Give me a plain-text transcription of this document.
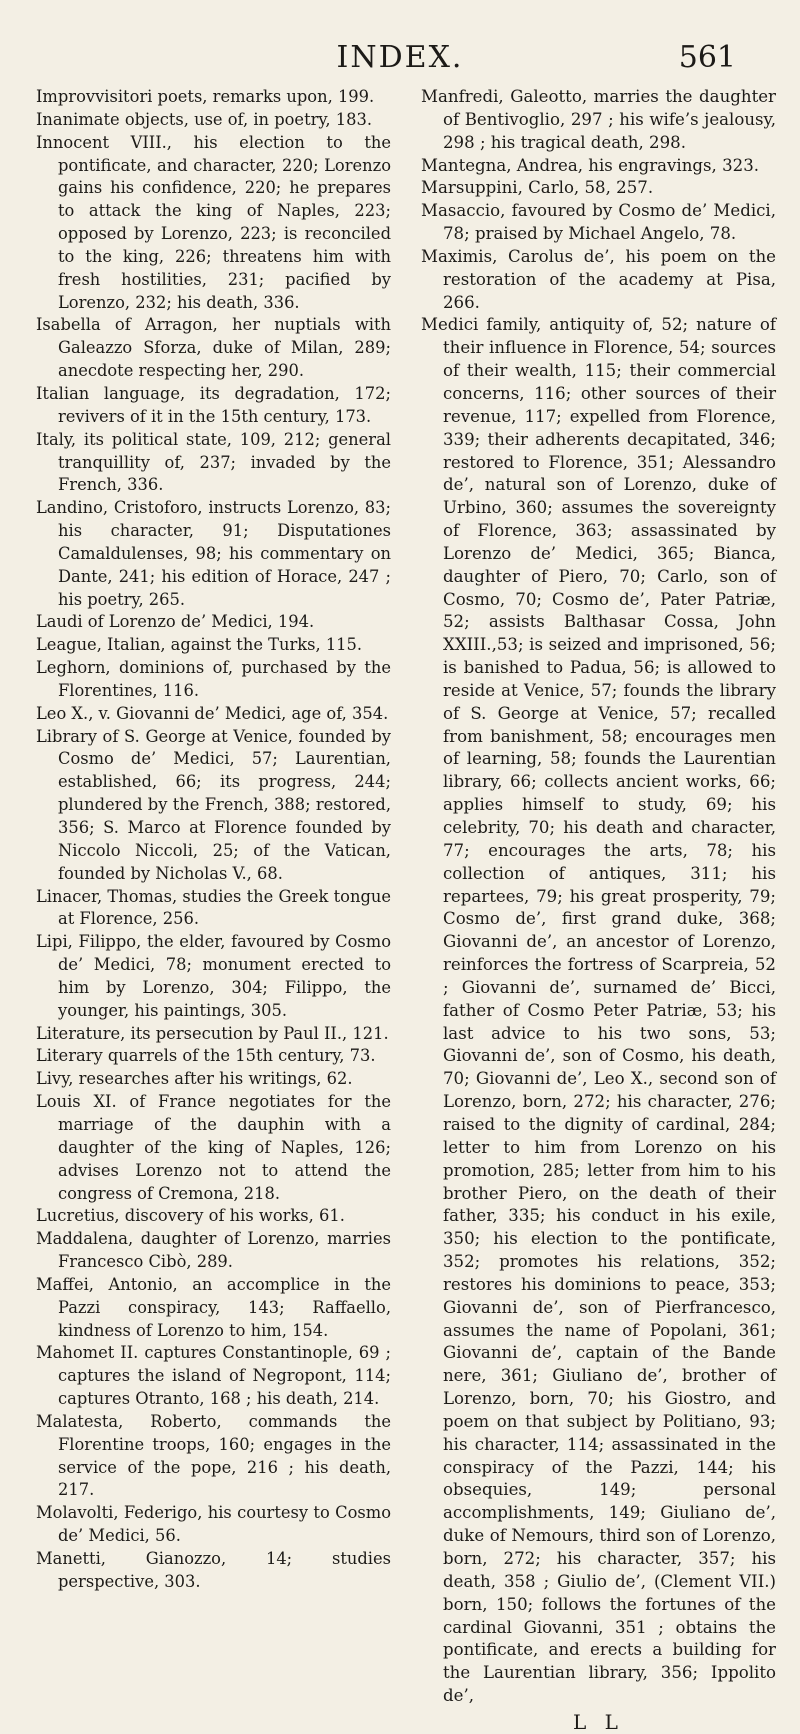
INDEX.	561

Improvvisitori poets, remarks upon, 199.

Inanimate objects, use of, in poetry, 183.

Innocent VIII., his election to the pontificate, and character, 220; Lorenzo gains his confidence, 220; he prepares to attack the king of Naples, 223; opposed by Lorenzo, 223; is reconciled to the king, 226; threatens him with fresh hostilities, 231; pacified by Lorenzo, 232; his death, 336.

Isabella of Arragon, her nuptials with Galeazzo Sforza, duke of Milan, 289; anecdote respecting her, 290.

Italian language, its degradation, 172; revivers of it in the 15th century, 173.

Italy, its political state, 109, 212; general tranquillity of, 237; invaded by the French, 336.

Landino, Cristoforo, instructs Lorenzo, 83; his character, 91; Disputationes Camaldulenses, 98; his commentary on Dante, 241; his edition of Horace, 247 ; his poetry, 265.

Laudi of Lorenzo de’ Medici, 194.

League, Italian, against the Turks, 115.

Leghorn, dominions of, purchased by the Florentines, 116.

Leo X., v. Giovanni de’ Medici, age of, 354.

Library of S. George at Venice, founded by Cosmo de’ Medici, 57; Laurentian, established, 66; its progress, 244; plundered by the French, 388; restored, 356; S. Marco at Florence founded by Niccolo Niccoli, 25; of the Vatican, founded by Nicholas V., 68.

Linacer, Thomas, studies the Greek tongue at Florence, 256.

Lipi, Filippo, the elder, favoured by Cosmo de’ Medici, 78; monument erected to him by Lorenzo, 304; Filippo, the younger, his paintings, 305.

Literature, its persecution by Paul II., 121.

Literary quarrels of the 15th century, 73.

Livy, researches after his writings, 62.

Louis XI. of France negotiates for the marriage of the dauphin with a daughter of the king of Naples, 126; advises Lorenzo not to attend the congress of Cremona, 218.

Lucretius, discovery of his works, 61.

Maddalena, daughter of Lorenzo, marries Francesco Cibò, 289.

Maffei, Antonio, an accomplice in the Pazzi conspiracy, 143; Raffaello, kindness of Lorenzo to him, 154.

Mahomet II. captures Constantinople, 69 ; captures the island of Negropont, 114; captures Otranto, 168 ; his death, 214.

Malatesta, Roberto, commands the Florentine troops, 160; engages in the service of the pope, 216 ; his death, 217.

Molavolti, Federigo, his courtesy to Cosmo de’ Medici, 56.

Manetti, Gianozzo, 14; studies perspective, 303.

Manfredi, Galeotto, marries the daughter of Bentivoglio, 297 ; his wife’s jealousy, 298 ; his tragical death, 298.

Mantegna, Andrea, his engravings, 323.

Marsuppini, Carlo, 58, 257.

Masaccio, favoured by Cosmo de’ Medici, 78; praised by Michael Angelo, 78.

Maximis, Carolus de’, his poem on the restoration of the academy at Pisa, 266.

Medici family, antiquity of, 52; nature of their influence in Florence, 54; sources of their wealth, 115; their commercial concerns, 116; other sources of their revenue, 117; expelled from Florence, 339; their adherents decapitated, 346; restored to Florence, 351; Alessandro de’, natural son of Lorenzo, duke of Urbino, 360; assumes the sovereignty of Florence, 363; assassinated by Lorenzo de’ Medici, 365; Bianca, daughter of Piero, 70; Carlo, son of Cosmo, 70; Cosmo de’, Pater Patriæ, 52; assists Balthasar Cossa, John XXIII.,53; is seized and imprisoned, 56; is banished to Padua, 56; is allowed to reside at Venice, 57; founds the library of S. George at Venice, 57; recalled from banishment, 58; encourages men of learning, 58; founds the Laurentian library, 66; collects ancient works, 66; applies himself to study, 69; his celebrity, 70; his death and character, 77; encourages the arts, 78; his collection of antiques, 311; his repartees, 79; his great prosperity, 79; Cosmo de’, first grand duke, 368; Giovanni de’, an ancestor of Lorenzo, reinforces the fortress of Scarpreia, 52 ; Giovanni de’, surnamed de’ Bicci, father of Cosmo Peter Patriæ, 53; his last advice to his two sons, 53; Giovanni de’, son of Cosmo, his death, 70; Giovanni de’, Leo X., second son of Lorenzo, born, 272; his character, 276; raised to the dignity of cardinal, 284; letter to him from Lorenzo on his promotion, 285; letter from him to his brother Piero, on the death of their father, 335; his conduct in his exile, 350; his election to the pontificate, 352; promotes his relations, 352; restores his dominions to peace, 353; Giovanni de’, son of Pierfrancesco, assumes the name of Popolani, 361; Giovanni de’, captain of the Bande nere, 361; Giuliano de’, brother of Lorenzo, born, 70; his Giostro, and poem on that subject by Politiano, 93; his character, 114; assassinated in the conspiracy of the Pazzi, 144; his obsequies, 149; personal accomplishments, 149; Giuliano de’, duke of Nemours, third son of Lorenzo, born, 272; his character, 357; his death, 358 ; Giulio de’, (Clement VII.) born, 150; follows the fortunes of the cardinal Giovanni, 351 ; obtains the pontificate, and erects a building for the Laurentian library, 356; Ippolito de’,

L L
